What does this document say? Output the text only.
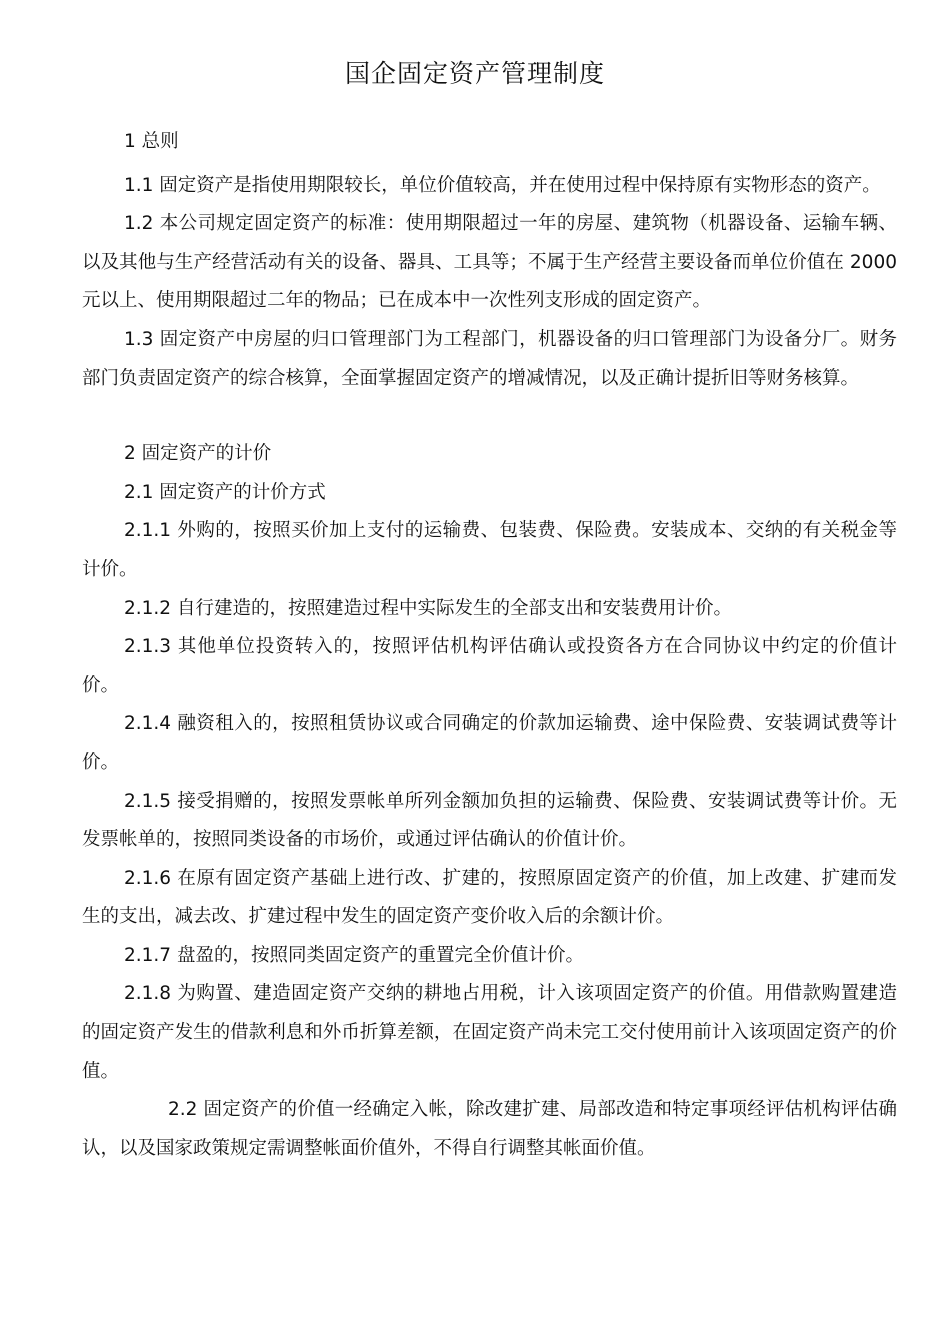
国企固定资产管理制度

1 总则

1.1 固定资产是指使用期限较长，单位价值较高，并在使用过程中保持原有实物形态的资产。

1.2 本公司规定固定资产的标准：使用期限超过一年的房屋、建筑物（机器设备、运输车辆、以及其他与生产经营活动有关的设备、器具、工具等；不属于生产经营主要设备而单位价值在 2000 元以上、使用期限超过二年的物品；已在成本中一次性列支形成的固定资产。

1.3 固定资产中房屋的归口管理部门为工程部门，机器设备的归口管理部门为设备分厂。财务部门负责固定资产的综合核算，全面掌握固定资产的增减情况，以及正确计提折旧等财务核算。

2 固定资产的计价

2.1 固定资产的计价方式

2.1.1 外购的，按照买价加上支付的运输费、包装费、保险费。安装成本、交纳的有关税金等计价。

2.1.2 自行建造的，按照建造过程中实际发生的全部支出和安装费用计价。

2.1.3 其他单位投资转入的，按照评估机构评估确认或投资各方在合同协议中约定的价值计价。

2.1.4 融资租入的，按照租赁协议或合同确定的价款加运输费、途中保险费、安装调试费等计价。

2.1.5 接受捐赠的，按照发票帐单所列金额加负担的运输费、保险费、安装调试费等计价。无发票帐单的，按照同类设备的市场价，或通过评估确认的价值计价。

2.1.6 在原有固定资产基础上进行改、扩建的，按照原固定资产的价值，加上改建、扩建而发生的支出，减去改、扩建过程中发生的固定资产变价收入后的余额计价。

2.1.7 盘盈的，按照同类固定资产的重置完全价值计价。

2.1.8 为购置、建造固定资产交纳的耕地占用税，计入该项固定资产的价值。用借款购置建造的固定资产发生的借款利息和外币折算差额，在固定资产尚未完工交付使用前计入该项固定资产的价值。

2.2 固定资产的价值一经确定入帐，除改建扩建、局部改造和特定事项经评估机构评估确认，以及国家政策规定需调整帐面价值外，不得自行调整其帐面价值。
